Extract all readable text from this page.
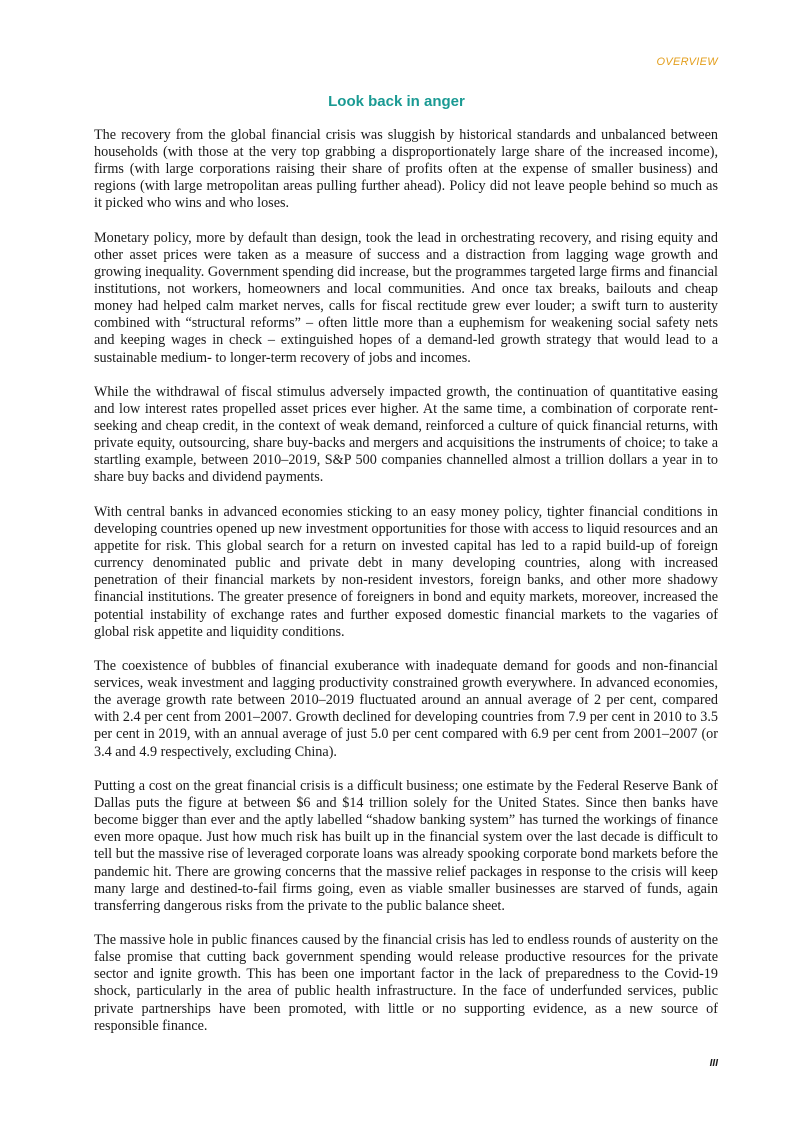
OVERVIEW

Look back in anger

The recovery from the global financial crisis was sluggish by historical standards and unbalanced between households (with those at the very top grabbing a disproportionately large share of the increased income), firms (with large corporations raising their share of profits often at the expense of smaller business) and regions (with large metropolitan areas pulling further ahead). Policy did not leave people behind so much as it picked who wins and who loses.

Monetary policy, more by default than design, took the lead in orchestrating recovery, and rising equity and other asset prices were taken as a measure of success and a distraction from lagging wage growth and growing inequality. Government spending did increase, but the programmes targeted large firms and financial institutions, not workers, homeowners and local communities. And once tax breaks, bailouts and cheap money had helped calm market nerves, calls for fiscal rectitude grew ever louder; a swift turn to austerity combined with “structural reforms” – often little more than a euphemism for weakening social safety nets and keeping wages in check – extinguished hopes of a demand-led growth strategy that would lead to a sustainable medium- to longer-term recovery of jobs and incomes.

While the withdrawal of fiscal stimulus adversely impacted growth, the continuation of quantitative easing and low interest rates propelled asset prices ever higher. At the same time, a combination of corporate rent-seeking and cheap credit, in the context of weak demand, reinforced a culture of quick financial returns, with private equity, outsourcing, share buy-backs and mergers and acquisitions the instruments of choice; to take a startling example, between 2010–2019, S&P 500 companies channelled almost a trillion dollars a year in to share buy backs and dividend payments.

With central banks in advanced economies sticking to an easy money policy, tighter financial conditions in developing countries opened up new investment opportunities for those with access to liquid resources and an appetite for risk. This global search for a return on invested capital has led to a rapid build-up of foreign currency denominated public and private debt in many developing countries, along with increased penetration of their financial markets by non-resident investors, foreign banks, and other more shadowy financial institutions. The greater presence of foreigners in bond and equity markets, moreover, increased the potential instability of exchange rates and further exposed domestic financial markets to the vagaries of global risk appetite and liquidity conditions.

The coexistence of bubbles of financial exuberance with inadequate demand for goods and non-financial services, weak investment and lagging productivity constrained growth everywhere. In advanced economies, the average growth rate between 2010–2019 fluctuated around an annual average of 2 per cent, compared with 2.4 per cent from 2001–2007. Growth declined for developing countries from 7.9 per cent in 2010 to 3.5 per cent in 2019, with an annual average of just 5.0 per cent compared with 6.9 per cent from 2001–2007 (or 3.4 and 4.9 respectively, excluding China).

Putting a cost on the great financial crisis is a difficult business; one estimate by the Federal Reserve Bank of Dallas puts the figure at between $6 and $14 trillion solely for the United States. Since then banks have become bigger than ever and the aptly labelled “shadow banking system” has turned the workings of finance even more opaque. Just how much risk has built up in the financial system over the last decade is difficult to tell but the massive rise of leveraged corporate loans was already spooking corporate bond markets before the pandemic hit. There are growing concerns that the massive relief packages in response to the crisis will keep many large and destined-to-fail firms going, even as viable smaller businesses are starved of funds, again transferring dangerous risks from the private to the public balance sheet.

The massive hole in public finances caused by the financial crisis has led to endless rounds of austerity on the false promise that cutting back government spending would release productive resources for the private sector and ignite growth. This has been one important factor in the lack of preparedness to the Covid-19 shock, particularly in the area of public health infrastructure. In the face of underfunded services, public private partnerships have been promoted, with little or no supporting evidence, as a new source of responsible finance.

III
